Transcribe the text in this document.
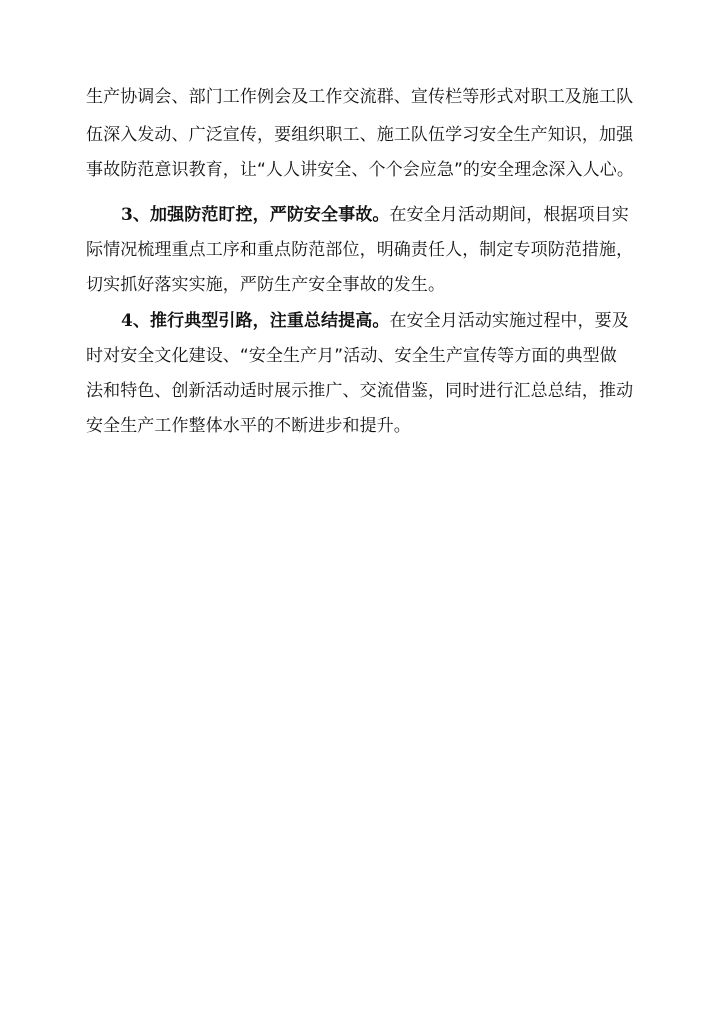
生产协调会、部门工作例会及工作交流群、宣传栏等形式对职工及施工队
伍深入发动、广泛宣传，要组织职工、施工队伍学习安全生产知识，加强
事故防范意识教育，让“人人讲安全、个个会应急”的安全理念深入人心。
3、加强防范盯控，严防安全事故。在安全月活动期间，根据项目实
际情况梳理重点工序和重点防范部位，明确责任人，制定专项防范措施，
切实抓好落实实施，严防生产安全事故的发生。
4、推行典型引路，注重总结提高。在安全月活动实施过程中，要及
时对安全文化建设、“安全生产月”活动、安全生产宣传等方面的典型做
法和特色、创新活动适时展示推广、交流借鉴，同时进行汇总总结，推动
安全生产工作整体水平的不断进步和提升。
